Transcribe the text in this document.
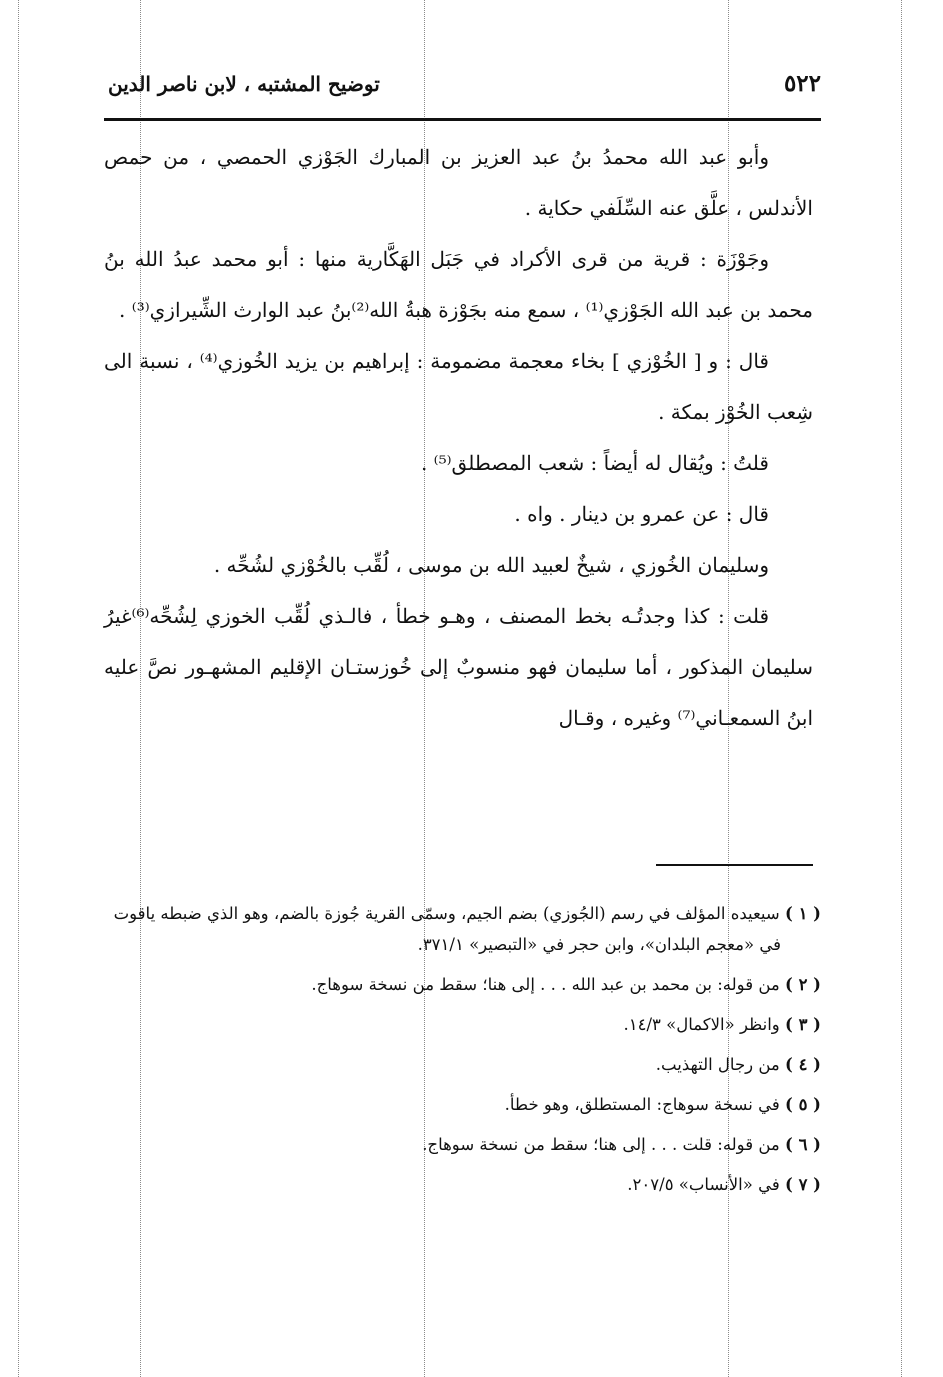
٥٢٢
توضيح المشتبه ، لابن ناصر الدين

وأبو عبد الله محمدُ بنُ عبد العزيز بن المبارك الجَوْزي الحمصي ، من حمص الأندلس ، علَّق عنه السِّلَفي حكاية .

وجَوْزَة : قرية من قرى الأكراد في جَبَل الهَكَّارية منها : أبو محمد عبدُ الله بنُ محمد بن عبد الله الجَوْزي⁽¹⁾ ، سمع منه بجَوْزة هبةُ الله⁽²⁾بنُ عبد الوارث الشِّيرازي⁽³⁾ .

قال : و [ الخُوْزي ] بخاء معجمة مضمومة : إبراهيم بن يزيد الخُوزي⁽⁴⁾ ، نسبة الى شِعب الخُوْز بمكة .

قلتُ : ويُقال له أيضاً : شعب المصطلق⁽⁵⁾ .

قال : عن عمرو بن دينار . واه .

وسليمان الخُوزي ، شيخٌ لعبيد الله بن موسى ، لُقِّب بالخُوْزي لشُحِّه .

قلت : كذا وجدتُـه بخط المصنف ، وهـو خطأ ، فالـذي لُقِّب الخوزي لِشُحِّه⁽⁶⁾غيرُ سليمان المذكور ، أما سليمان فهو منسوبٌ إلى خُوزستـان الإقليم المشهـور نصَّ عليه ابنُ السمعـاني⁽⁷⁾ وغيره ، وقـال

( ١ ) سيعيده المؤلف في رسم (الجُوزي) بضم الجيم، وسمّى القرية جُوزة بالضم، وهو الذي ضبطه ياقوت في «معجم البلدان»، وابن حجر في «التبصير» ٣٧١/١.

( ٢ ) من قوله: بن محمد بن عبد الله . . . إلى هنا؛ سقط من نسخة سوهاج.

( ٣ ) وانظر «الاكمال» ١٤/٣.

( ٤ ) من رجال التهذيب.

( ٥ ) في نسخة سوهاج: المستطلق، وهو خطأ.

( ٦ ) من قوله: قلت . . . إلى هنا؛ سقط من نسخة سوهاج.

( ٧ ) في «الأنساب» ٢٠٧/٥.
